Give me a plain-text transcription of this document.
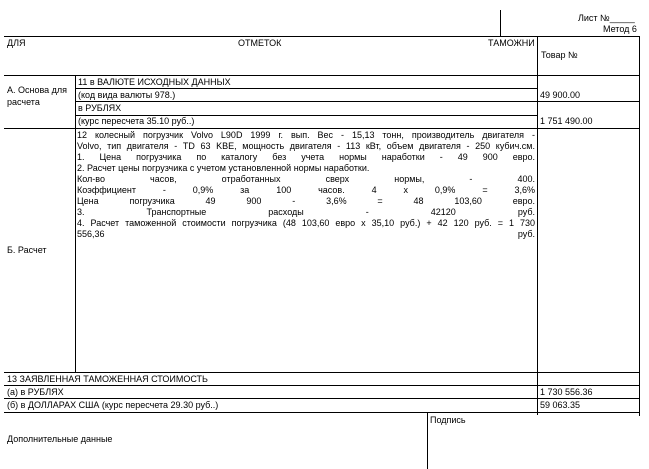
Лист №_____
Метод 6
ДЛЯ	ОТМЕТОК	ТАМОЖНИ
Товар №
А. Основа для расчета
11 в ВАЛЮТЕ ИСХОДНЫХ ДАННЫХ
(код вида валюты 978.)	49 900.00
в РУБЛЯХ
(курс пересчета 35.10 руб..)	1 751 490.00
Б. Расчет
12 колесный погрузчик Volvo L90D 1999 г. вып. Вес - 15,13 тонн, производитель двигателя -
Volvo, тип двигателя - TD 63 KBE, мощность двигателя - 113 кВт, объем двигателя - 250 кубич.см.
1. Цена погрузчика по каталогу без учета нормы наработки - 49 900 евро.
2. Расчет цены погрузчика с учетом установленной нормы наработки.
Кол-во часов, отработанных сверх нормы, - 400.
Коэффициент - 0,9% за 100 часов. 4 х 0,9% = 3,6%
Цена погрузчика 49 900 - 3,6% = 48 103,60 евро.
3. Транспортные расходы - 42120 руб.
4. Расчет таможенной стоимости погрузчика (48 103,60 евро х 35,10 руб.) + 42 120 руб. = 1 730
556,36 руб.
13 ЗАЯВЛЕННАЯ ТАМОЖЕННАЯ СТОИМОСТЬ
(а) в РУБЛЯХ	1 730 556.36
(б) в ДОЛЛАРАХ США (курс пересчета 29.30 руб..)	59 063.35
Дополнительные данные
Подпись
